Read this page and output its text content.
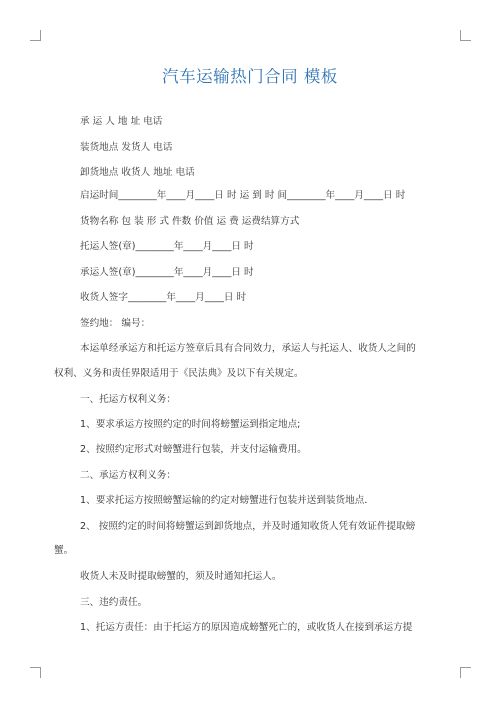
汽车运输热门合同 模板
承 运 人 地 址 电话
装货地点 发货人 电话
卸货地点 收货人 地址 电话
启运时间________年____月____日 时 运 到 时 间________年____月____日 时
货物名称 包 装 形 式 件数 价值 运 费 运费结算方式
托运人签(章)________年____月____日 时
承运人签(章)________年____月____日 时
收货人签字________年____月____日 时
签约地： 编号：
本运单经承运方和托运方签章后具有合同效力，承运人与托运人、收货人之间的
权利、义务和责任界限适用于《民法典》及以下有关规定。
一、托运方权利义务：
1、要求承运方按照约定的时间将螃蟹运到指定地点;
2、按照约定形式对螃蟹进行包装，并支付运输费用。
二、承运方权利义务：
1、要求托运方按照螃蟹运输的约定对螃蟹进行包装并送到装货地点．
2、 按照约定的时间将螃蟹运到卸货地点，并及时通知收货人凭有效证件提取螃
蟹。
收货人未及时提取螃蟹的，须及时通知托运人。
三、违约责任。
1、托运方责任：由于托运方的原因造成螃蟹死亡的，或收货人在接到承运方提
